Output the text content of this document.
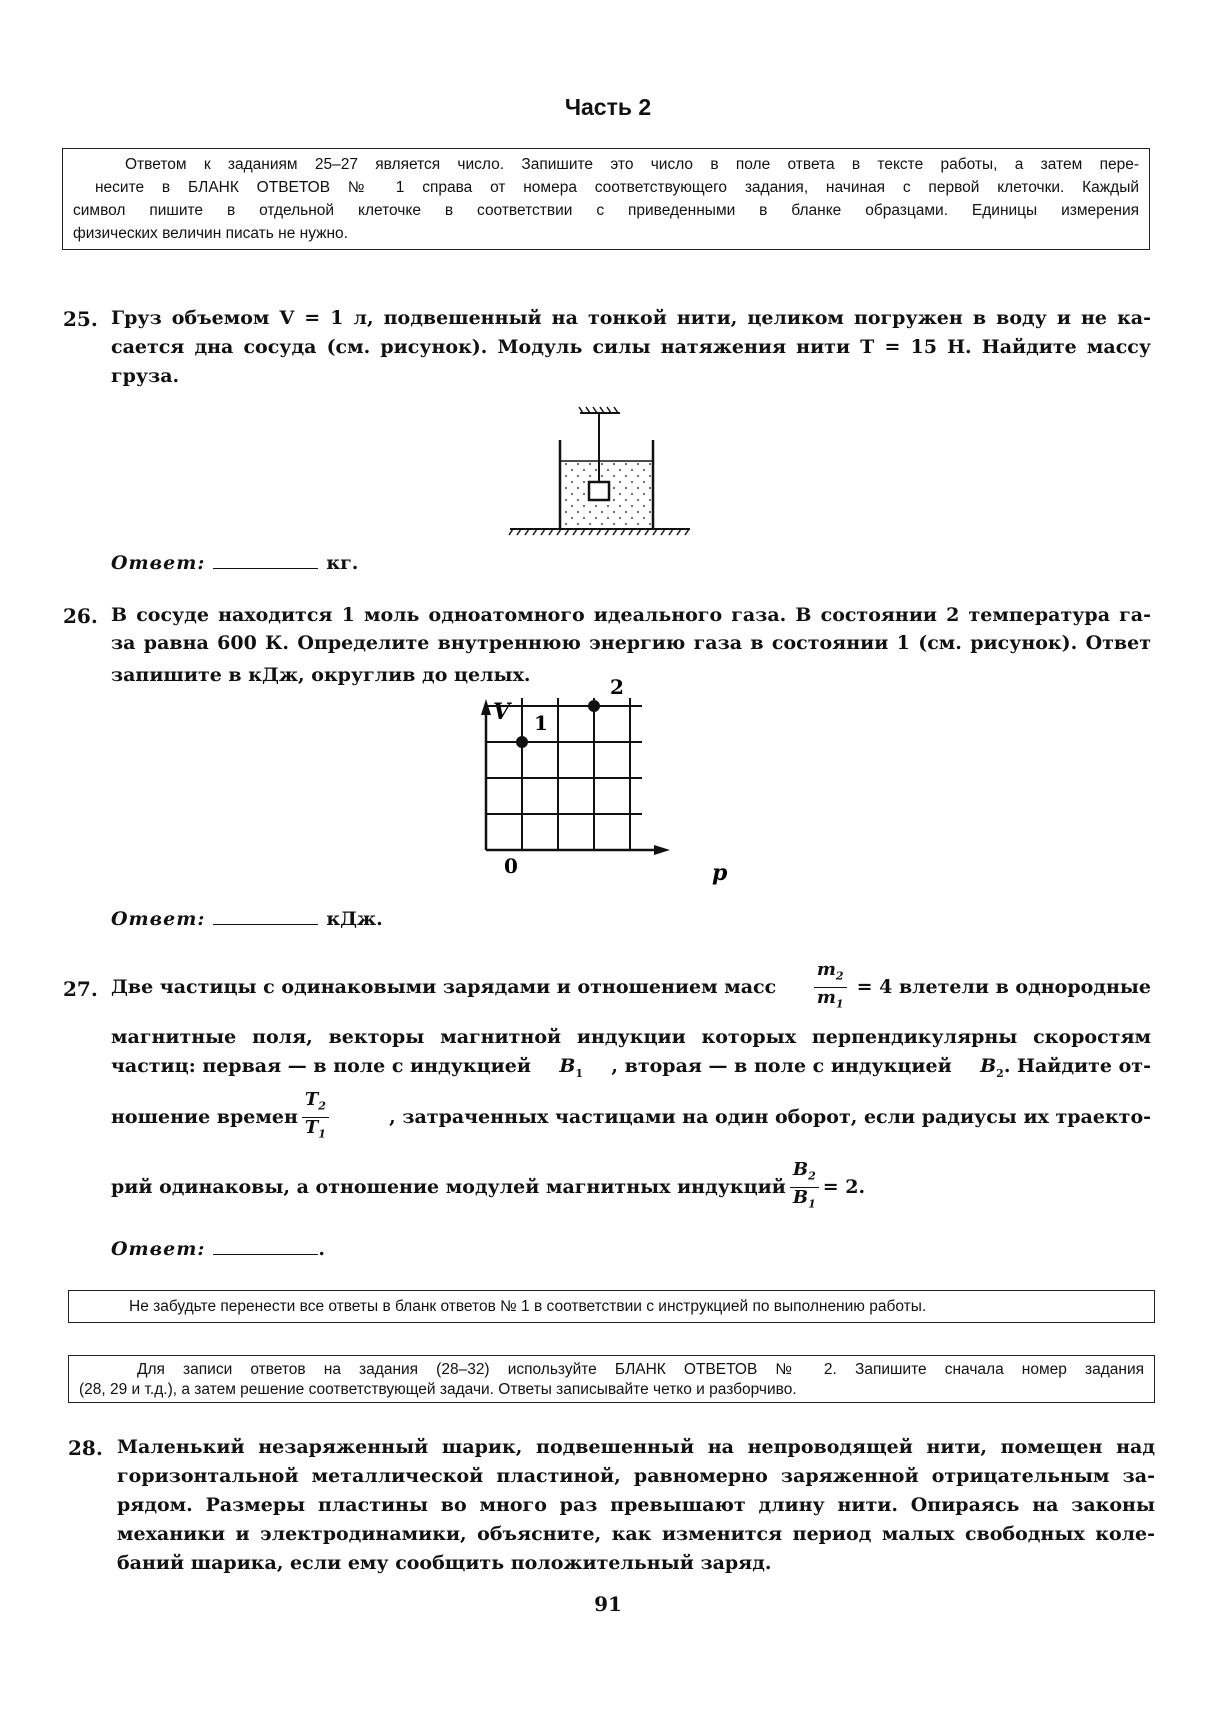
Часть 2
Ответом к заданиям 25–27 является число. Запишите это число в поле ответа в тексте работы, а затем пере-
несите в БЛАНК ОТВЕТОВ № 1 справа от номера соответствующего задания, начиная с первой клеточки. Каждый
символ пишите в отдельной клеточке в соответствии с приведенными в бланке образцами. Единицы измерения
физических величин писать не нужно.
25. Груз объемом V = 1 л, подвешенный на тонкой нити, целиком погружен в воду и не ка-
сается дна сосуда (см. рисунок). Модуль силы натяжения нити T = 15 Н. Найдите массу
груза.
Ответ:	кг.
26. В сосуде находится 1 моль одноатомного идеального газа. В состоянии 2 температура га-
за равна 600 К. Определите внутреннюю энергию газа в состоянии 1 (см. рисунок). Ответ
запишите в кДж, округлив до целых.
V
p
0
1
2
Ответ:	кДж.
27. Две частицы с одинаковыми зарядами и отношением масс $\frac{m_2}{m_1} = 4$ влетели в однородные
магнитные поля, векторы магнитной индукции которых перпендикулярны скоростям
частиц: первая — в поле с индукцией $B_1$ , вторая — в поле с индукцией $B_2$. Найдите от-
ношение времен $\frac{T_2}{T_1}$	, затраченных частицами на один оборот, если радиусы их траекто-
рий одинаковы, а отношение модулей магнитных индукций $\frac{B_2}{B_1} = 2$.
Ответ:	.
Не забудьте перенести все ответы в бланк ответов № 1 в соответствии с инструкцией по выполнению работы.
Для записи ответов на задания (28–32) используйте БЛАНК ОТВЕТОВ № 2. Запишите сначала номер задания
(28, 29 и т.д.), а затем решение соответствующей задачи. Ответы записывайте четко и разборчиво.
28. Маленький незаряженный шарик, подвешенный на непроводящей нити, помещен над
горизонтальной металлической пластиной, равномерно заряженной отрицательным за-
рядом. Размеры пластины во много раз превышают длину нити. Опираясь на законы
механики и электродинамики, объясните, как изменится период малых свободных коле-
баний шарика, если ему сообщить положительный заряд.
91
